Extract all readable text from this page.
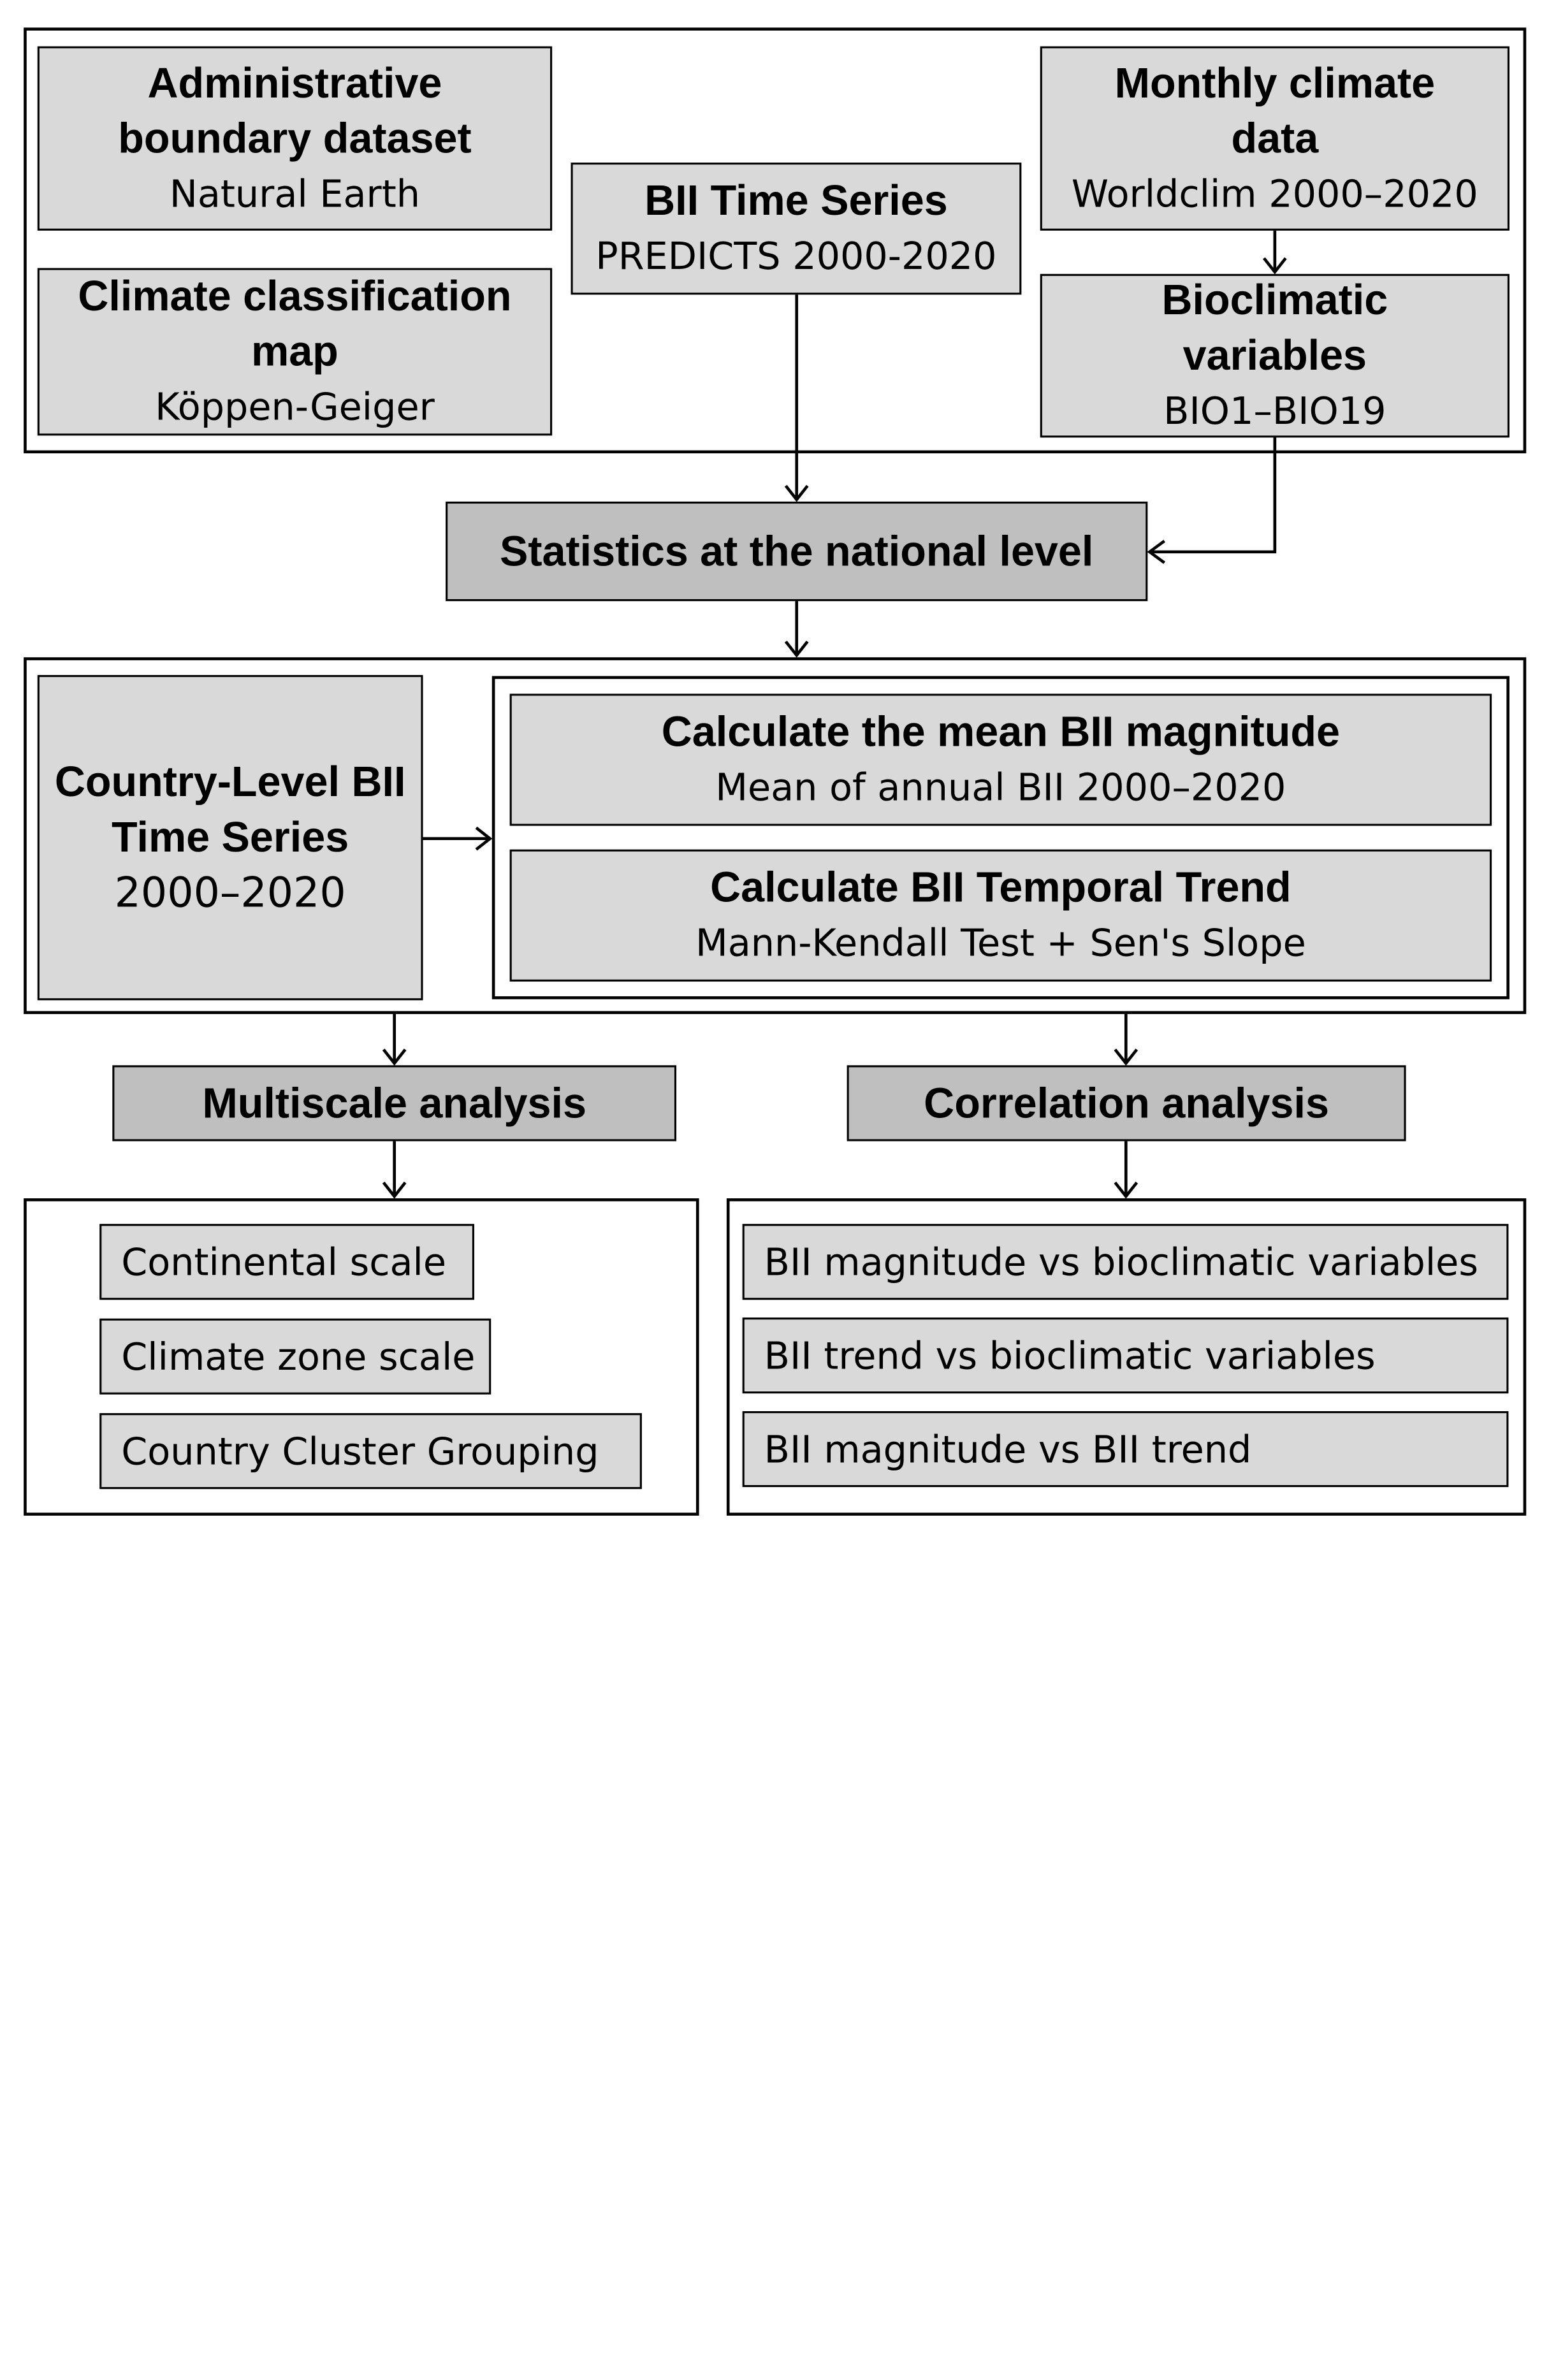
Administrative boundary dataset
Natural Earth
Climate classification map
Köppen-Geiger
BII Time Series
PREDICTS 2000-2020
Monthly climate data
Worldclim 2000–2020
Bioclimatic variables
BIO1–BIO19
Statistics at the national level
Country-Level BII Time Series
2000–2020
Calculate the mean BII magnitude
Mean of annual BII 2000–2020
Calculate BII Temporal Trend
Mann-Kendall Test + Sen's Slope
Multiscale analysis	Correlation analysis
Continental scale
Climate zone scale
Country Cluster Grouping
BII magnitude vs bioclimatic variables
BII trend vs bioclimatic variables
BII magnitude vs BII trend
